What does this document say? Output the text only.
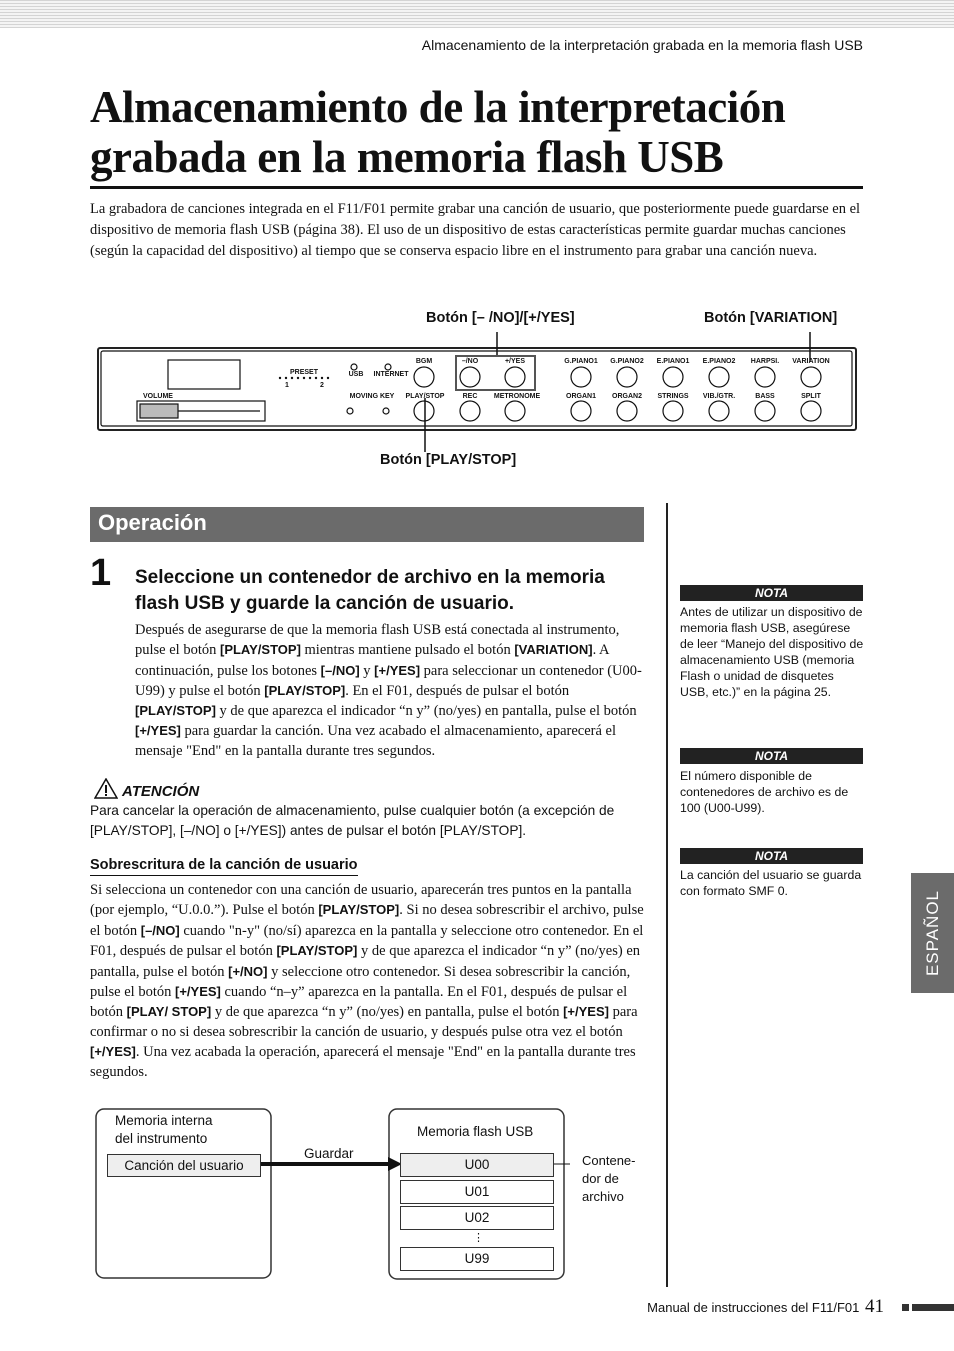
Almacenamiento de la interpretación grabada en la memoria flash USB
Almacenamiento de la interpretación
grabada en la memoria flash USB
La grabadora de canciones integrada en el F11/F01 permite grabar una canción de usuario, que posteriormente puede guardarse en el dispositivo de memoria flash USB (página 38). El uso de un dispositivo de estas características permite guardar muchas canciones (según la capacidad del dispositivo) al tiempo que se conserva espacio libre en el instrumento para grabar una canción nueva.
Botón [– /NO]/[+/YES]	Botón [VARIATION]
Botón [PLAY/STOP]
VOLUME
PRESET
1	2
USB INTERNET
BGM	–/NO	+/YES
MOVING KEY PLAY/STOP	REC METRONOME
G.PIANO1 G.PIANO2 E.PIANO1 E.PIANO2 HARPSI. VARIATION
ORGAN1 ORGAN2 STRINGS VIB./GTR.	BASS	SPLIT
Operación
1 Seleccione un contenedor de archivo en la memoria flash USB y guarde la canción de usuario.
Después de asegurarse de que la memoria flash USB está conectada al instrumento, pulse el botón [PLAY/STOP] mientras mantiene pulsado el botón [VARIATION]. A continuación, pulse los botones [–/NO] y [+/YES] para seleccionar un contenedor (U00-U99) y pulse el botón [PLAY/STOP]. En el F01, después de pulsar el botón [PLAY/STOP] y de que aparezca el indicador “n y” (no/yes) en pantalla, pulse el botón [+/YES] para guardar la canción. Una vez acabado el almacenamiento, aparecerá el mensaje "End" en la pantalla durante tres segundos.
ATENCIÓN
Para cancelar la operación de almacenamiento, pulse cualquier botón (a excepción de [PLAY/STOP], [–/NO] o [+/YES]) antes de pulsar el botón [PLAY/STOP].
Sobrescritura de la canción de usuario
Si selecciona un contenedor con una canción de usuario, aparecerán tres puntos en la pantalla (por ejemplo, “U.0.0.”). Pulse el botón [PLAY/STOP]. Si no desea sobrescribir el archivo, pulse el botón [–/NO] cuando "n-y" (no/sí) aparezca en la pantalla y seleccione otro contenedor. En el F01, después de pulsar el botón [PLAY/STOP] y de que aparezca el indicador “n y” (no/yes) en pantalla, pulse el botón [+/NO] y seleccione otro contenedor. Si desea sobrescribir la canción, pulse el botón [+/YES] cuando “n–y” aparezca en la pantalla. En el F01, después de pulsar el botón [PLAY/ STOP] y de que aparezca “n y” (no/yes) en pantalla, pulse el botón [+/YES] para confirmar o no si desea sobrescribir la canción de usuario, y después pulse otra vez el botón [+/YES]. Una vez acabada la operación, aparecerá el mensaje "End" en la pantalla durante tres segundos.
Memoria interna
del instrumento
Canción del usuario
Guardar
Memoria flash USB
U00
U01
U02
⋮
U99
Contene-
dor de
archivo
NOTA
Antes de utilizar un dispositivo de memoria flash USB, asegúrese de leer “Manejo del dispositivo de almacenamiento USB (memoria Flash o unidad de disquetes USB, etc.)” en la página 25.
NOTA
El número disponible de contenedores de archivo es de 100 (U00-U99).
NOTA
La canción del usuario se guarda con formato SMF 0.	ESPAÑOL
Manual de instrucciones del F11/F01 41
